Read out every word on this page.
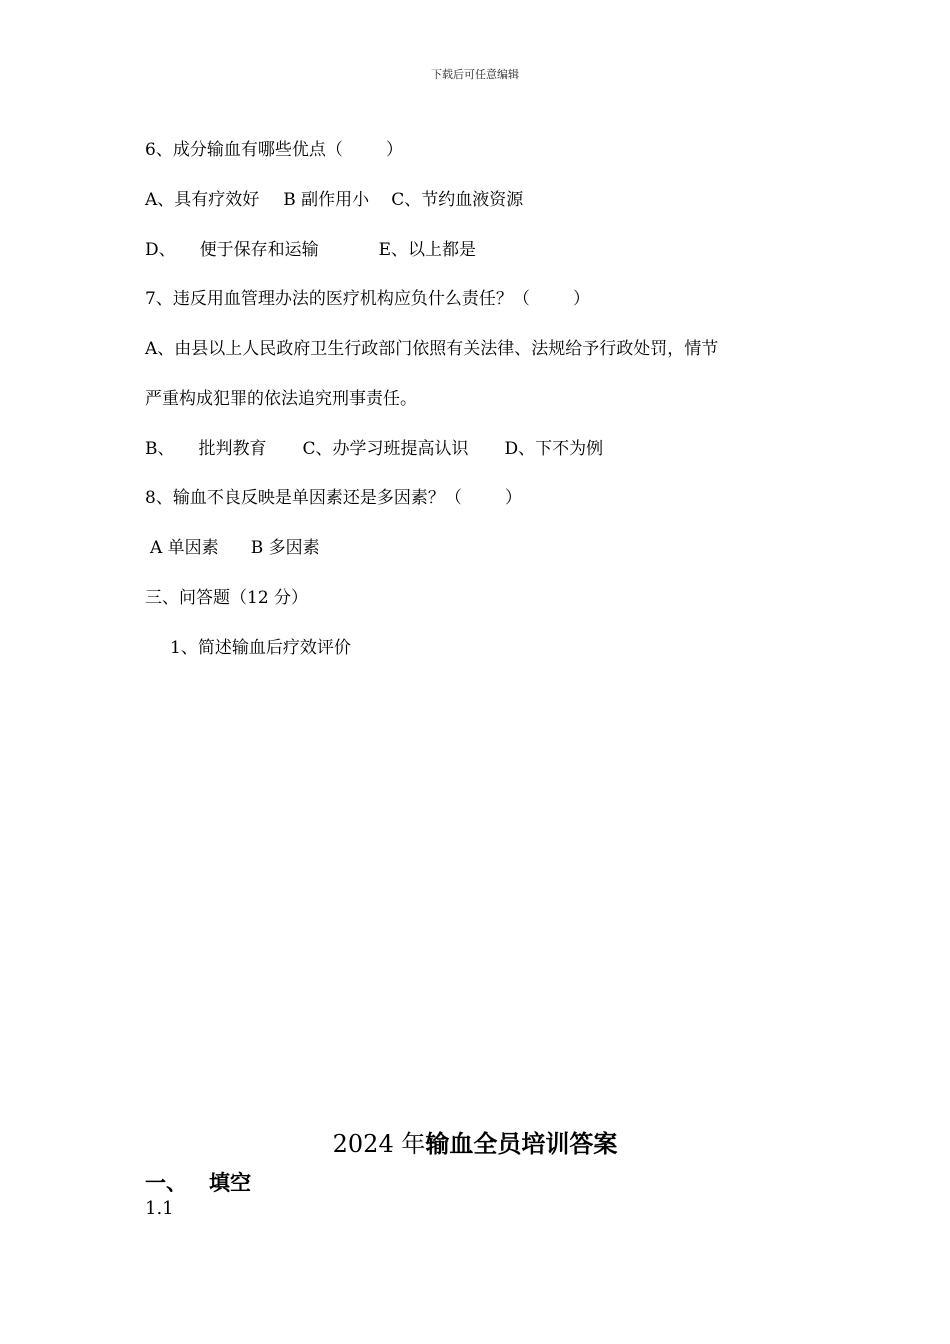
下载后可任意编辑
6、成分输血有哪些优点（        ）
A、具有疗效好 B 副作用小 C、节约血液资源
D、 便于保存和运输	E、以上都是
7、违反用血管理办法的医疗机构应负什么责任？（        ）
A、由县以上人民政府卫生行政部门依照有关法律、法规给予行政处罚，情节
严重构成犯罪的依法追究刑事责任。
B、 批判教育 C、办学习班提高认识 D、下不为例
8、输血不良反映是单因素还是多因素？（        ）
A 单因素 B 多因素
三、问答题（12 分）
1、简述输血后疗效评价
2024 年输血全员培训答案
一、 填空
1.1
